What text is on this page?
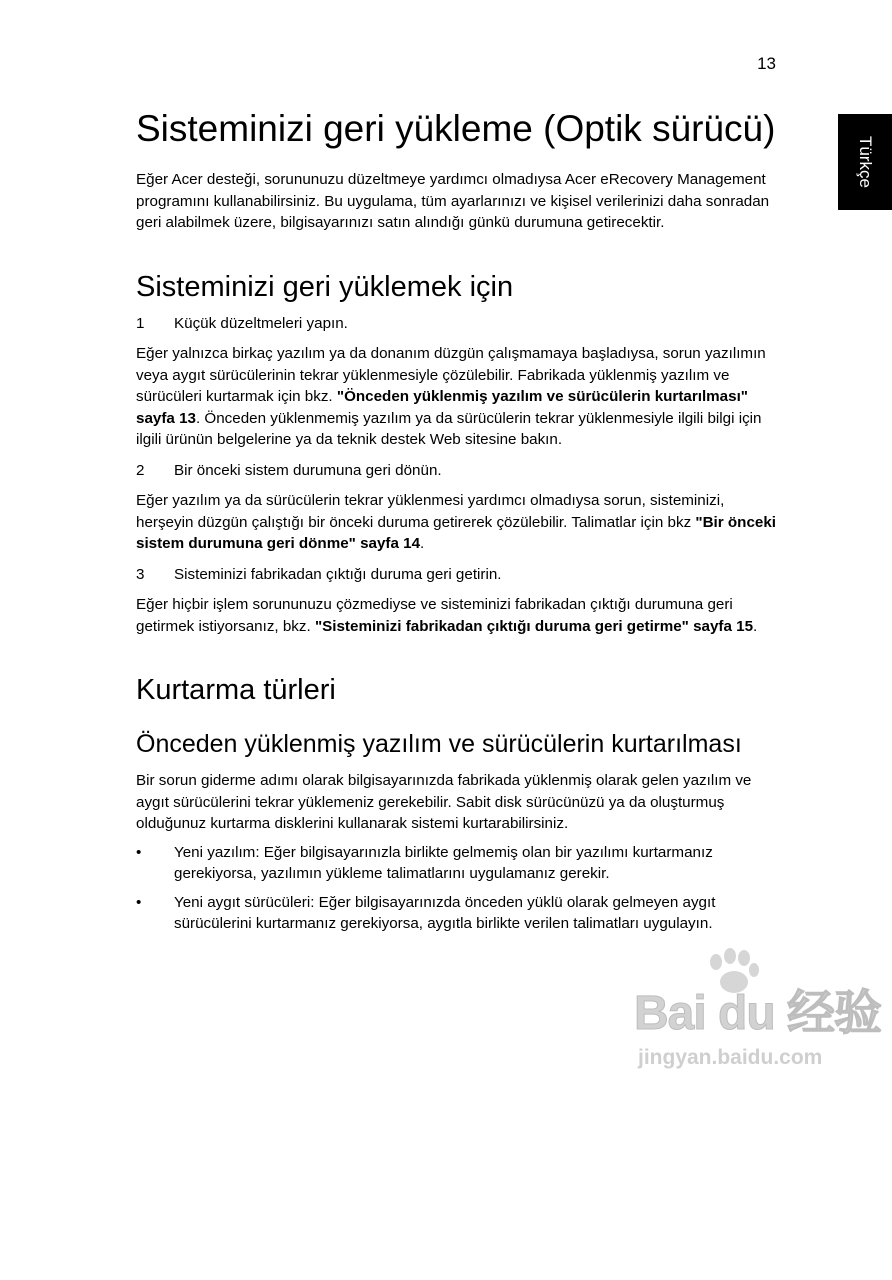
13
Türkçe
Sisteminizi geri yükleme (Optik sürücü)

Eğer Acer desteği, sorununuzu düzeltmeye yardımcı olmadıysa Acer eRecovery Management programını kullanabilirsiniz. Bu uygulama, tüm ayarlarınızı ve kişisel verilerinizi daha sonradan geri alabilmek üzere, bilgisayarınızı satın alındığı günkü durumuna getirecektir.

Sisteminizi geri yüklemek için
1	Küçük düzeltmeleri yapın.

Eğer yalnızca birkaç yazılım ya da donanım düzgün çalışmamaya başladıysa, sorun yazılımın veya aygıt sürücülerinin tekrar yüklenmesiyle çözülebilir. Fabrikada yüklenmiş yazılım ve sürücüleri kurtarmak için bkz. "Önceden yüklenmiş yazılım ve sürücülerin kurtarılması" sayfa 13. Önceden yüklenmemiş yazılım ya da sürücülerin tekrar yüklenmesiyle ilgili bilgi için ilgili ürünün belgelerine ya da teknik destek Web sitesine bakın.

2	Bir önceki sistem durumuna geri dönün.

Eğer yazılım ya da sürücülerin tekrar yüklenmesi yardımcı olmadıysa sorun, sisteminizi, herşeyin düzgün çalıştığı bir önceki duruma getirerek çözülebilir. Talimatlar için bkz "Bir önceki sistem durumuna geri dönme" sayfa 14.

3	Sisteminizi fabrikadan çıktığı duruma geri getirin.

Eğer hiçbir işlem sorununuzu çözmediyse ve sisteminizi fabrikadan çıktığı durumuna geri getirmek istiyorsanız, bkz. "Sisteminizi fabrikadan çıktığı duruma geri getirme" sayfa 15.

Kurtarma türleri
Önceden yüklenmiş yazılım ve sürücülerin kurtarılması

Bir sorun giderme adımı olarak bilgisayarınızda fabrikada yüklenmiş olarak gelen yazılım ve aygıt sürücülerini tekrar yüklemeniz gerekebilir. Sabit disk sürücünüzü ya da oluşturmuş olduğunuz kurtarma disklerini kullanarak sistemi kurtarabilirsiniz.

•	Yeni yazılım: Eğer bilgisayarınızla birlikte gelmemiş olan bir yazılımı kurtarmanız gerekiyorsa, yazılımın yükleme talimatlarını uygulamanız gerekir.
•	Yeni aygıt sürücüleri: Eğer bilgisayarınızda önceden yüklü olarak gelmeyen aygıt sürücülerini kurtarmanız gerekiyorsa, aygıtla birlikte verilen talimatları uygulayın.
Bai du 经验
jingyan.baidu.com
